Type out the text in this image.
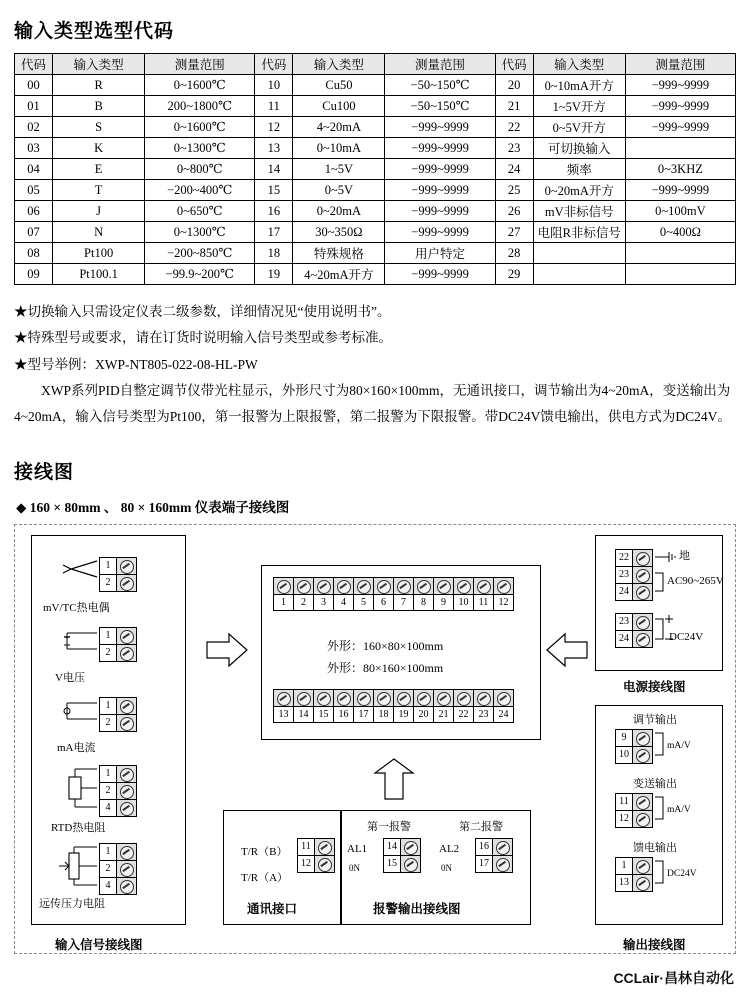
输入类型选型代码
代码	输入类型	测量范围	代码	输入类型	测量范围	代码	输入类型	测量范围
00	R	0~1600℃	10	Cu50	−50~150℃	20	0~10mA开方	−999~9999
01	B	200~1800℃	11	Cu100	−50~150℃	21	1~5V开方	−999~9999
02	S	0~1600℃	12	4~20mA	−999~9999	22	0~5V开方	−999~9999
03	K	0~1300℃	13	0~10mA	−999~9999	23	可切换输入	
04	E	0~800℃	14	1~5V	−999~9999	24	频率	0~3KHZ
05	T	−200~400℃	15	0~5V	−999~9999	25	0~20mA开方	−999~9999
06	J	0~650℃	16	0~20mA	−999~9999	26	mV非标信号	0~100mV
07	N	0~1300℃	17	30~350Ω	−999~9999	27	电阻R非标信号	0~400Ω
08	Pt100	−200~850℃	18	特殊规格	用户特定	28		
09	Pt100.1	−99.9~200℃	19	4~20mA开方	−999~9999	29		

★切换输入只需设定仪表二级参数，详细情况见“使用说明书”。

★特殊型号或要求，请在订货时说明输入信号类型或参考标准。

★型号举例：XWP-NT805-022-08-HL-PW

XWP系列PID自整定调节仪带光柱显示，外形尺寸为80×160×100mm，无通讯接口，调节输出为4~20mA，变送输出为4~20mA，输入信号类型为Pt100，第一报警为上限报警，第二报警为下限报警。带DC24V馈电输出，供电方式为DC24V。

接线图
◆ 160 × 80mm 、 80 × 160mm 仪表端子接线图
1
2
mV/TC热电偶
1
2
V电压
1
2
mA电流
1
2
4
RTD热电阻
1
2
4
远传压力电阻
输入信号接线图
1	2	3	4	5	6	7	8	9	10	11	12
外形：160×80×100mm
外形：80×160×100mm
13	14	15	16	17	18	19	20	21	22	23	24
T/R（B）
T/R（A）
11
12
通讯接口
第一报警	第二报警
AL1	AL2
0N	0N
14
15
16
17
报警输出接线图
22
23
24
地
AC90~265V
23
24	DC24V
电源接线图
调节输出
9
10
mA/V
变送输出
11
12
mA/V
馈电输出
1
13
DC24V
输出接线图
CCLair·昌林自动化
